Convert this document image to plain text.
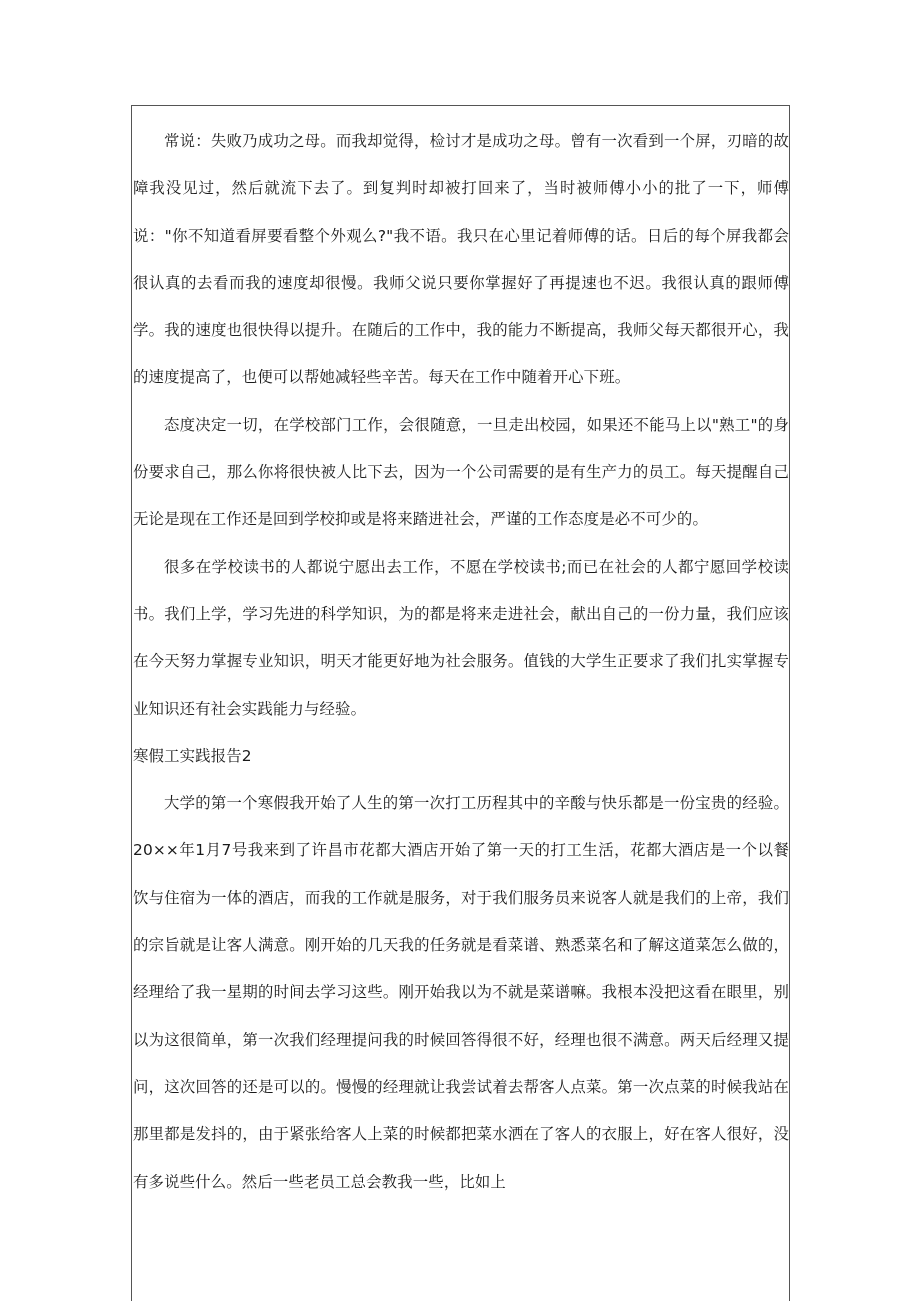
常说：失败乃成功之母。而我却觉得，检讨才是成功之母。曾有一次看到一个屏，刃暗的故障我没见过，然后就流下去了。到复判时却被打回来了，当时被师傅小小的批了一下，师傅说："你不知道看屏要看整个外观么?"我不语。我只在心里记着师傅的话。日后的每个屏我都会很认真的去看而我的速度却很慢。我师父说只要你掌握好了再提速也不迟。我很认真的跟师傅学。我的速度也很快得以提升。在随后的工作中，我的能力不断提高，我师父每天都很开心，我的速度提高了，也便可以帮她减轻些辛苦。每天在工作中随着开心下班。

态度决定一切，在学校部门工作，会很随意，一旦走出校园，如果还不能马上以"熟工"的身份要求自己，那么你将很快被人比下去，因为一个公司需要的是有生产力的员工。每天提醒自己无论是现在工作还是回到学校抑或是将来踏进社会，严谨的工作态度是必不可少的。

很多在学校读书的人都说宁愿出去工作，不愿在学校读书;而已在社会的人都宁愿回学校读书。我们上学，学习先进的科学知识，为的都是将来走进社会，献出自己的一份力量，我们应该在今天努力掌握专业知识，明天才能更好地为社会服务。值钱的大学生正要求了我们扎实掌握专业知识还有社会实践能力与经验。

寒假工实践报告2

大学的第一个寒假我开始了人生的第一次打工历程其中的辛酸与快乐都是一份宝贵的经验。20××年1月7号我来到了许昌市花都大酒店开始了第一天的打工生活，花都大酒店是一个以餐饮与住宿为一体的酒店，而我的工作就是服务，对于我们服务员来说客人就是我们的上帝，我们的宗旨就是让客人满意。刚开始的几天我的任务就是看菜谱、熟悉菜名和了解这道菜怎么做的，经理给了我一星期的时间去学习这些。刚开始我以为不就是菜谱嘛。我根本没把这看在眼里，别以为这很简单，第一次我们经理提问我的时候回答得很不好，经理也很不满意。两天后经理又提问，这次回答的还是可以的。慢慢的经理就让我尝试着去帮客人点菜。第一次点菜的时候我站在那里都是发抖的，由于紧张给客人上菜的时候都把菜水洒在了客人的衣服上，好在客人很好，没有多说些什么。然后一些老员工总会教我一些，比如上
